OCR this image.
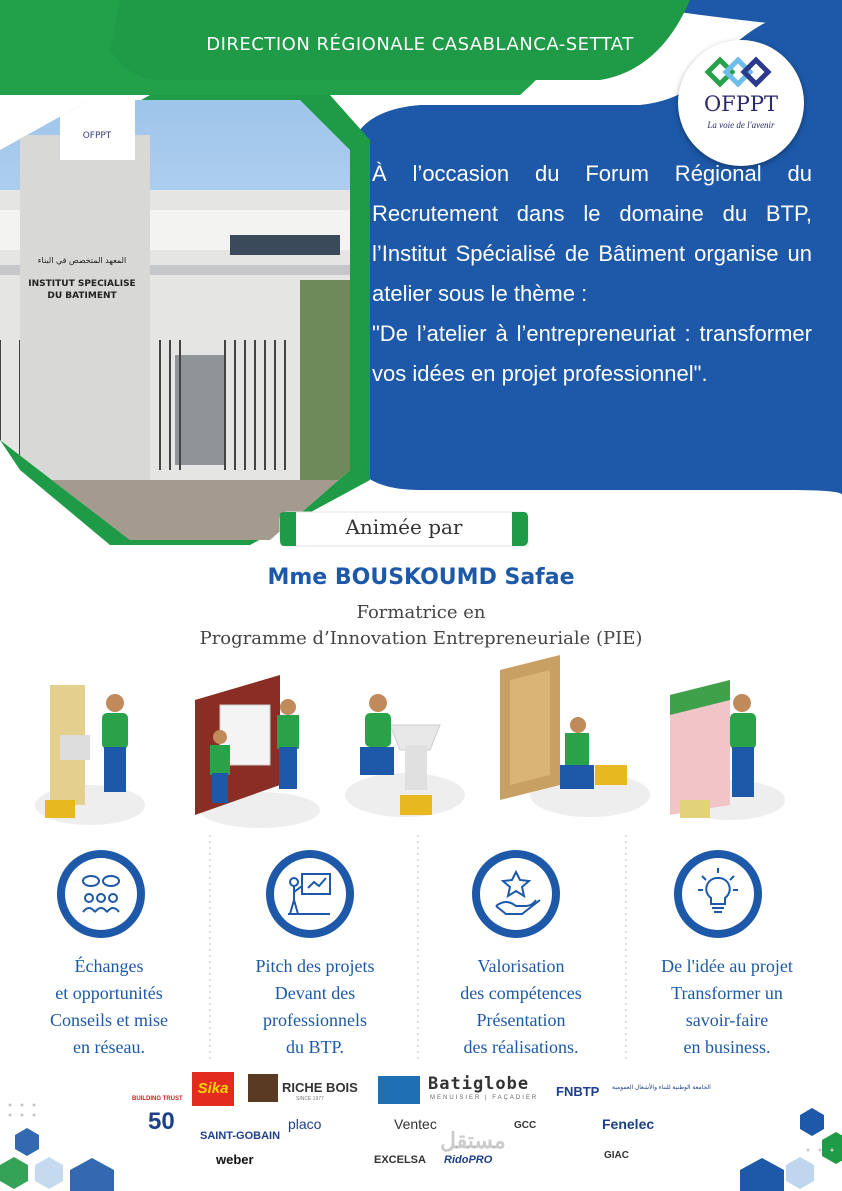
OFPPT
المعهد المتخصص في البناء
INSTITUT SPECIALISE
DU BATIMENT
DIRECTION RÉGIONALE CASABLANCA-SETTAT
OFPPT
La voie de l'avenir

À l’occasion du Forum Régional du Recrutement dans le domaine du BTP, l’Institut Spécialisé de Bâtiment organise un atelier sous le thème :

"De l’atelier à l’entrepreneuriat : transformer vos idées en projet professionnel".

Animée par
Mme BOUSKOUMD Safae
Formatrice en
Programme d’Innovation Entrepreneuriale (PIE)
Échanges
et opportunités
Conseils et mise
en réseau.
Pitch des projets
Devant des
professionnels
du BTP.
Valorisation
des compétences
Présentation
des réalisations.
De l'idée au projet
Transformer un
savoir-faire
en business.
BUILDING TRUST
Sika	RICHE BOIS
SINCE 1977
Batiglobe
MENUISIER | FAÇADIER FNBTP الجامعة الوطنية للبناء والأشغال العمومية
50
SAINT-GOBAIN
placo	Ventec	GCC	Fenelec
weber	EXCELSA RidoPRO	GIAC
مستقل
